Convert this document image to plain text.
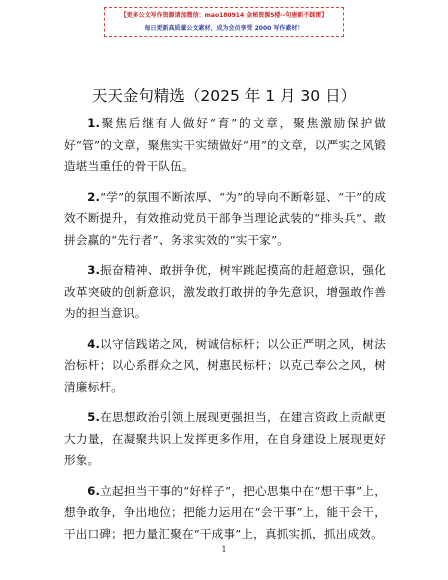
【更多公文写作资源请加微信：mao180914 金秘资源5楼--句唐新不踩雷】
每日更新高质量公文素材，成为会员享受 2000 写作素材！
天天金句精选（2025 年 1 月 30 日）

1.聚焦后继有人做好“育”的文章，聚焦激励保护做好“管”的文章，聚焦实干实绩做好“用”的文章，以严实之风锻造堪当重任的骨干队伍。

2.“学”的氛围不断浓厚、“为”的导向不断彰显、“干”的成效不断提升，有效推动党员干部争当理论武装的“排头兵”、敢拼会赢的“先行者”、务求实效的“实干家”。

3.振奋精神、敢拼争优，树牢跳起摸高的赶超意识，强化改革突破的创新意识，激发敢打敢拼的争先意识，增强敢作善为的担当意识。

4.以守信践诺之风，树诚信标杆；以公正严明之风，树法治标杆；以心系群众之风，树惠民标杆；以克己奉公之风，树清廉标杆。

5.在思想政治引领上展现更强担当，在建言资政上贡献更大力量，在凝聚共识上发挥更多作用，在自身建设上展现更好形象。

6.立起担当干事的“好样子”，把心思集中在“想干事”上，想争敢争，争出地位；把能力运用在“会干事”上，能干会干，干出口碑；把力量汇聚在“干成事”上，真抓实抓，抓出成效。

1
